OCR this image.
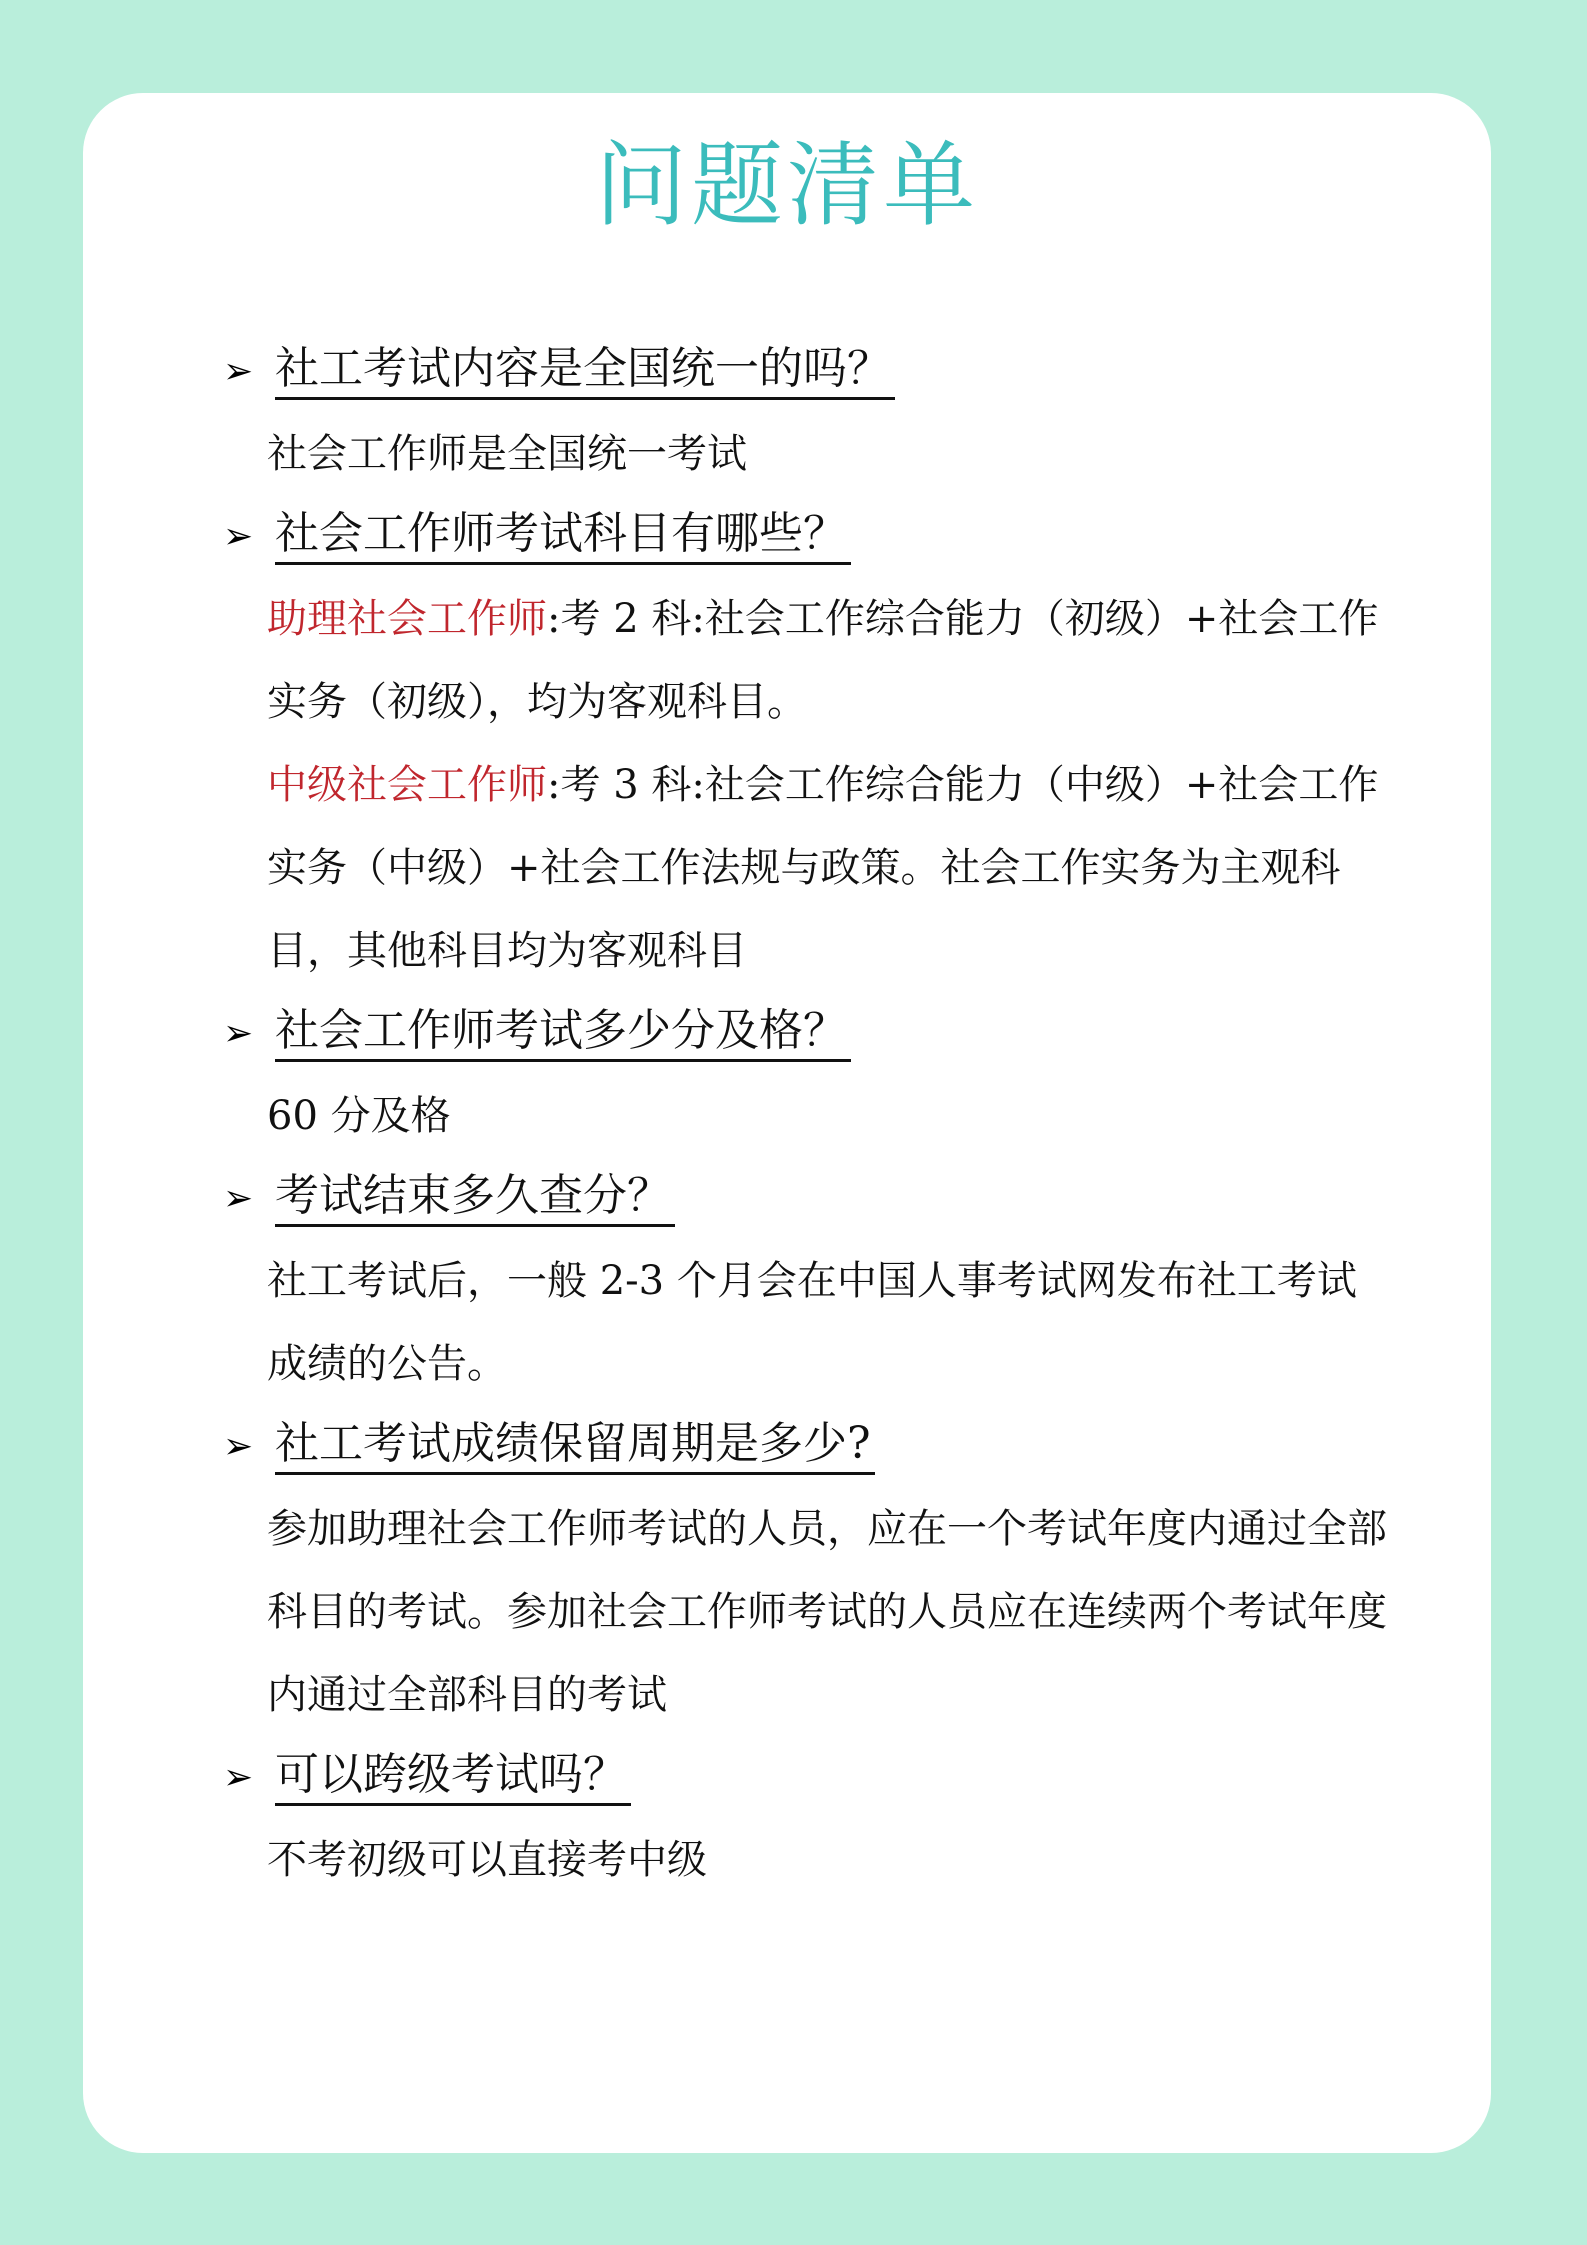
问题清单
➢ 社工考试内容是全国统一的吗？

社会工作师是全国统一考试

➢ 社会工作师考试科目有哪些？

助理社会工作师:考 2 科:社会工作综合能力（初级）+社会工作实务（初级），均为客观科目。

中级社会工作师:考 3 科:社会工作综合能力（中级）+社会工作实务（中级）+社会工作法规与政策。社会工作实务为主观科目，其他科目均为客观科目

➢ 社会工作师考试多少分及格？

60 分及格

➢ 考试结束多久查分？

社工考试后，一般 2-3 个月会在中国人事考试网发布社工考试成绩的公告。

➢ 社工考试成绩保留周期是多少?

参加助理社会工作师考试的人员，应在一个考试年度内通过全部科目的考试。参加社会工作师考试的人员应在连续两个考试年度内通过全部科目的考试

➢ 可以跨级考试吗？

不考初级可以直接考中级
